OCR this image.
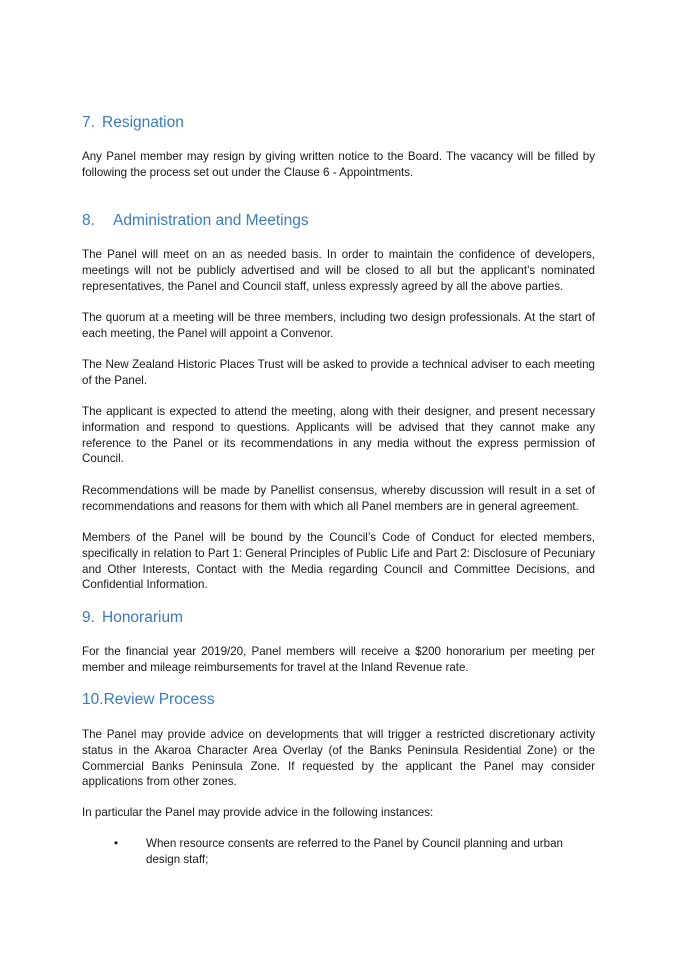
7. Resignation

Any Panel member may resign by giving written notice to the Board. The vacancy will be filled by following the process set out under the Clause 6 - Appointments.

8. Administration and Meetings

The Panel will meet on an as needed basis. In order to maintain the confidence of developers, meetings will not be publicly advertised and will be closed to all but the applicant’s nominated representatives, the Panel and Council staff, unless expressly agreed by all the above parties.

The quorum at a meeting will be three members, including two design professionals. At the start of each meeting, the Panel will appoint a Convenor.

The New Zealand Historic Places Trust will be asked to provide a technical adviser to each meeting of the Panel.

The applicant is expected to attend the meeting, along with their designer, and present necessary information and respond to questions. Applicants will be advised that they cannot make any reference to the Panel or its recommendations in any media without the express permission of Council.

Recommendations will be made by Panellist consensus, whereby discussion will result in a set of recommendations and reasons for them with which all Panel members are in general agreement.

Members of the Panel will be bound by the Council’s Code of Conduct for elected members, specifically in relation to Part 1: General Principles of Public Life and Part 2: Disclosure of Pecuniary and Other Interests, Contact with the Media regarding Council and Committee Decisions, and Confidential Information.

9. Honorarium

For the financial year 2019/20, Panel members will receive a $200 honorarium per meeting per member and mileage reimbursements for travel at the Inland Revenue rate.

10.Review Process

The Panel may provide advice on developments that will trigger a restricted discretionary activity status in the Akaroa Character Area Overlay (of the Banks Peninsula Residential Zone) or the Commercial Banks Peninsula Zone. If requested by the applicant the Panel may consider applications from other zones.

In particular the Panel may provide advice in the following instances:

• When resource consents are referred to the Panel by Council planning and urban design staff;
